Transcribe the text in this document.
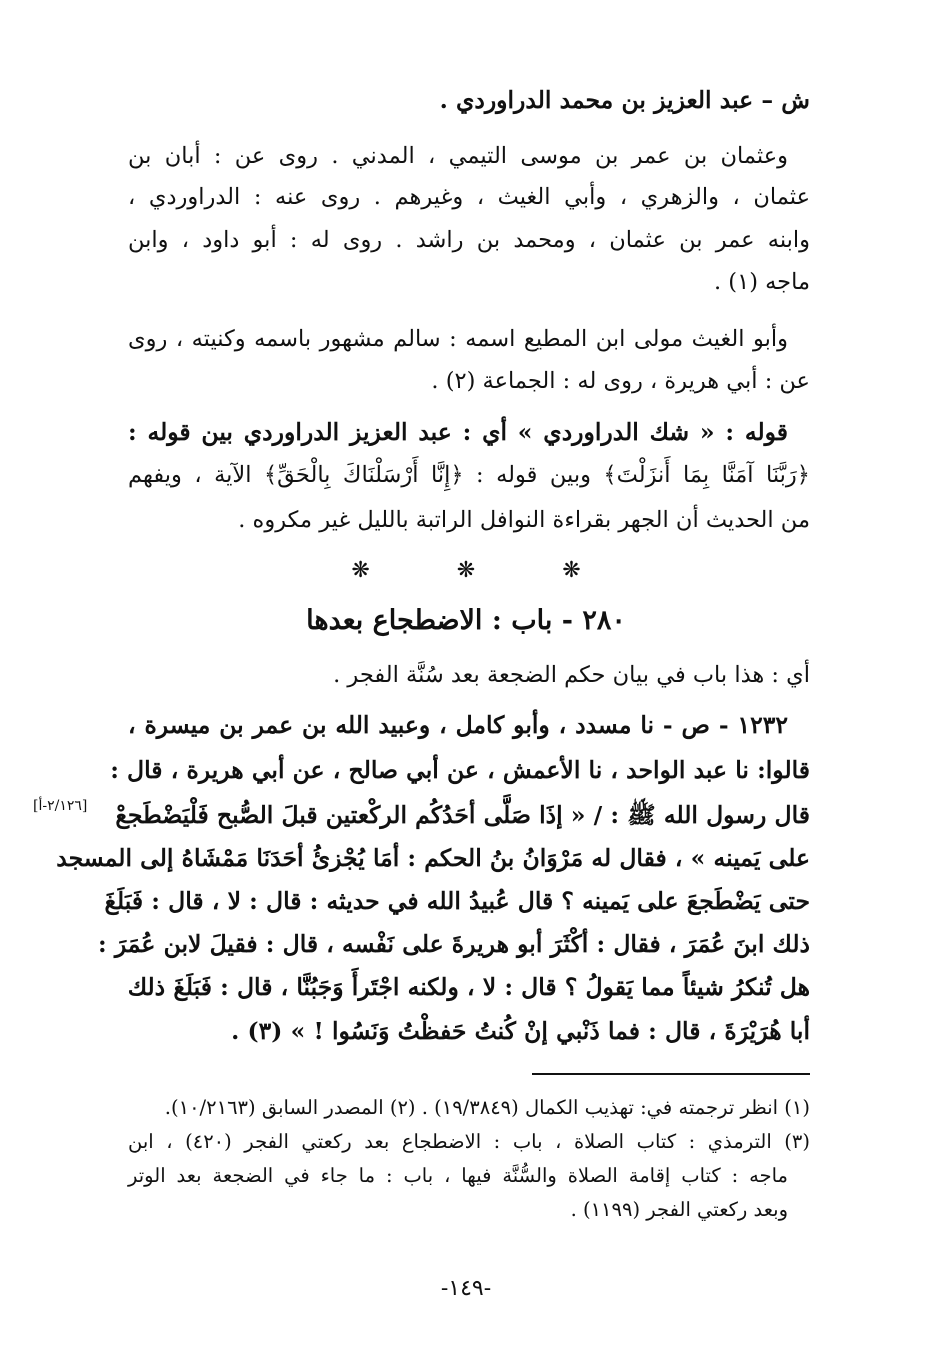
ش – عبد العزيز بن محمد الدراوردي .
وعثمان بن عمر بن موسى التيمي ، المدني . روى عن : أبان بن
عثمان ، والزهري ، وأبي الغيث ، وغيرهم . روى عنه : الدراوردي ،
وابنه عمر بن عثمان ، ومحمد بن راشد . روى له : أبو داود ، وابن
ماجه (١) .
وأبو الغيث مولى ابن المطيع اسمه : سالم مشهور باسمه وكنيته ، روى
عن : أبي هريرة ، روى له : الجماعة (٢) .
قوله : « شك الدراوردي » أي : عبد العزيز الدراوردي بين قوله :
﴿رَبَّنَا آمَنَّا بِمَا أَنزَلْتَ﴾ وبين قوله : ﴿إِنَّا أَرْسَلْنَاكَ بِالْحَقِّ﴾ الآية ، ويفهم
من الحديث أن الجهر بقراءة النوافل الراتبة بالليل غير مكروه .
❋ ❋ ❋
٢٨٠ - باب : الاضطجاع بعدها
أي : هذا باب في بيان حكم الضجعة بعد سُنَّة الفجر .
١٢٣٢ - ص - نا مسدد ، وأبو كامل ، وعبيد الله بن عمر بن ميسرة ،
قالوا: نا عبد الواحد ، نا الأعمش ، عن أبي صالح ، عن أبي هريرة ، قال :
قال رسول الله ﷺ : / « إذَا صَلَّى أحَدُكُم الركْعتين قبلَ الصُّبح فَلْيَضْطَجعْ
على يَمينه » ، فقال له مَرْوَانُ بنُ الحكم : أمَا يُجْزئُ أحَدَنَا مَمْشَاهُ إلى المسجد
حتى يَضْطَجعَ على يَمينه ؟ قال عُبيدُ الله في حديثه : قال : لا ، قال : فَبَلَغَ
ذلك ابنَ عُمَرَ ، فقال : أكْثَرَ أبو هريرةَ على نَفْسه ، قال : فقيلَ لابن عُمَرَ :
هل تُنكرُ شيئاً مما يَقولُ ؟ قال : لا ، ولكنه اجْتَرأَ وَجَبُنَّا ، قال : فَبَلَغَ ذلك
أبا هُرَيْرَةَ ، قال : فما ذَنْبي إنْ كُنتُ حَفظْتُ وَنَسُوا ! » (٣) .
[٢/١٢٦-أ]
(١) انظر ترجمته في: تهذيب الكمال (١٩/٣٨٤٩) . (٢) المصدر السابق (١٠/٢١٦٣).
(٣) الترمذي : كتاب الصلاة ، باب : الاضطجاع بعد ركعتي الفجر (٤٢٠) ، ابن
ماجه : كتاب إقامة الصلاة والسُّنَّة فيها ، باب : ما جاء في الضجعة بعد الوتر
وبعد ركعتي الفجر (١١٩٩) .
-١٤٩-
